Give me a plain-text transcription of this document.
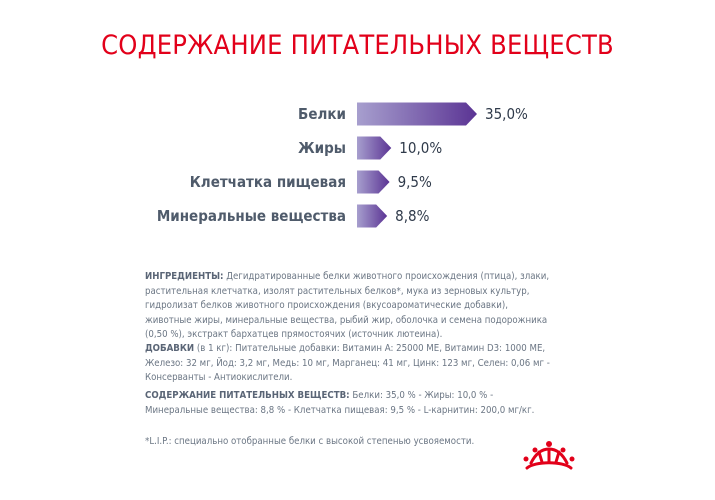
СОДЕРЖАНИЕ ПИТАТЕЛЬНЫХ ВЕЩЕСТВ
Белки	35,0%
Жиры	10,0%
Клетчатка пищевая	9,5%
Минеральные вещества	8,8%
ИНГРЕДИЕНТЫ: Дегидратированные белки животного происхождения (птица), злаки,
растительная клетчатка, изолят растительных белков*, мука из зерновых культур,
гидролизат белков животного происхождения (вкусоароматические добавки),
животные жиры, минеральные вещества, рыбий жир, оболочка и семена подорожника
(0,50 %), экстракт бархатцев прямостоячих (источник лютеина).
ДОБАВКИ (в 1 кг): Питательные добавки: Витамин A: 25000 МЕ, Витамин D3: 1000 МЕ,
Железо: 32 мг, Йод: 3,2 мг, Медь: 10 мг, Марганец: 41 мг, Цинк: 123 мг, Селен: 0,06 мг -
Консерванты - Антиокислители.
СОДЕРЖАНИЕ ПИТАТЕЛЬНЫХ ВЕЩЕСТВ: Белки: 35,0 % - Жиры: 10,0 % -
Минеральные вещества: 8,8 % - Клетчатка пищевая: 9,5 % - L-карнитин: 200,0 мг/кг.
*L.I.P.: специально отобранные белки с высокой степенью усвояемости.
